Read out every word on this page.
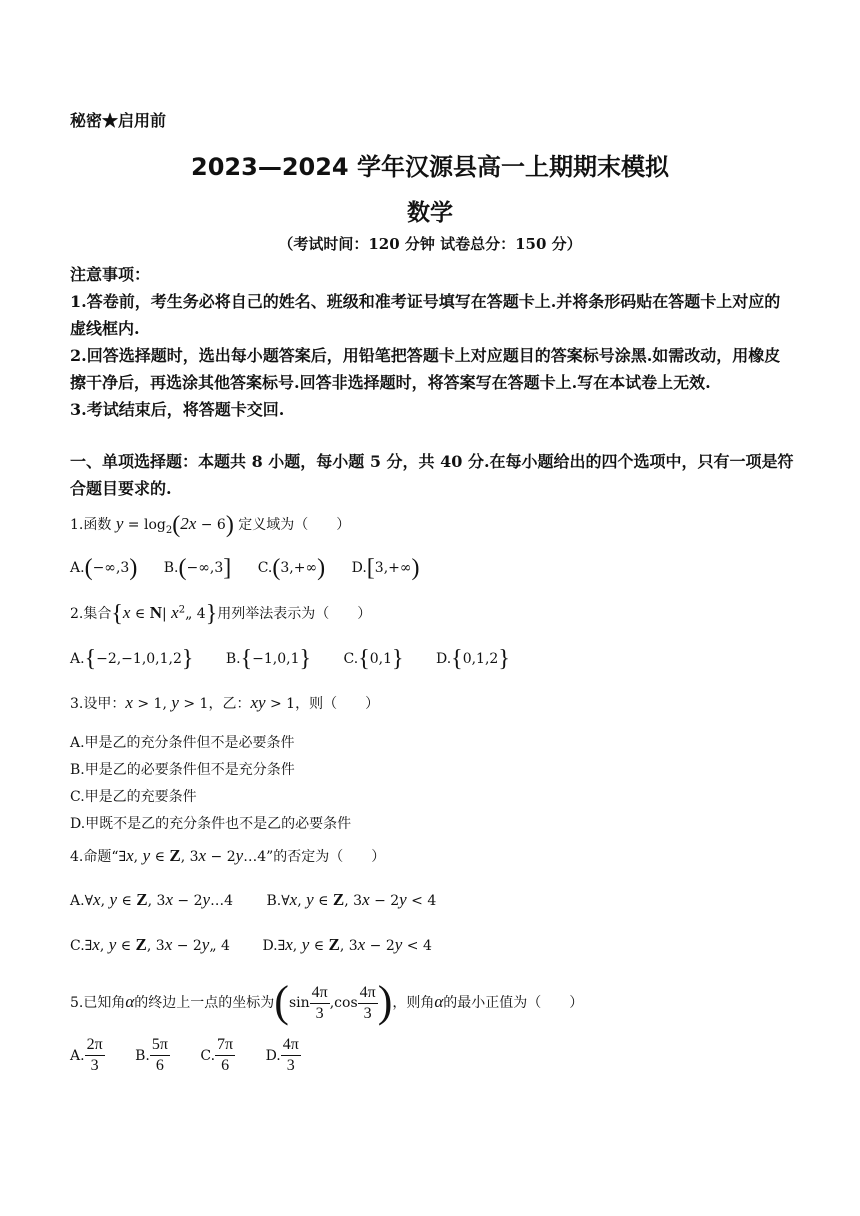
秘密★启用前
2023—2024 学年汉源县高一上期期末模拟
数学
（考试时间：120 分钟 试卷总分：150 分）

注意事项：

1.答卷前，考生务必将自己的姓名、班级和准考证号填写在答题卡上.并将条形码贴在答题卡上对应的虚线框内.

2.回答选择题时，选出每小题答案后，用铅笔把答题卡上对应题目的答案标号涂黑.如需改动，用橡皮擦干净后，再选涂其他答案标号.回答非选择题时，将答案写在答题卡上.写在本试卷上无效.

3.考试结束后，将答题卡交回.

一、单项选择题：本题共 8 小题，每小题 5 分，共 40 分.在每小题给出的四个选项中，只有一项是符合题目要求的.
1.函数 $y = \log_2(2x - 6)$ 定义域为（　　）
A.(−∞,3) B.(−∞,3] C.(3,+∞) D.[3,+∞)
2.集合{x ∈ N| $x^2„$ 4}用列举法表示为（　　）
A.{−2,−1,0,1,2} B.{−1,0,1} C.{0,1} D.{0,1,2}
3.设甲：x > 1, y > 1，乙：xy > 1，则（　　）
A.甲是乙的充分条件但不是必要条件
B.甲是乙的必要条件但不是充分条件
C.甲是乙的充要条件
D.甲既不是乙的充分条件也不是乙的必要条件
4.命题“∃x, y ∈ Z, 3x − 2y…4”的否定为（　　）
A.∀x, y ∈ Z, 3x − 2y…4 B.∀x, y ∈ Z, 3x − 2y < 4
C.∃x, y ∈ Z, 3x − 2y„ 4 D.∃x, y ∈ Z, 3x − 2y < 4
5.已知角α的终边上一点的坐标为($\sin \frac{4\pi}{3} ,\cos \frac{4\pi}{3}$ )，则角α的最小正值为（　　）
A. $\frac{2\pi}{3} B$. $\frac{5\pi}{6} C$. $\frac{7\pi}{6} D$. $\frac{4\pi}{3}$
